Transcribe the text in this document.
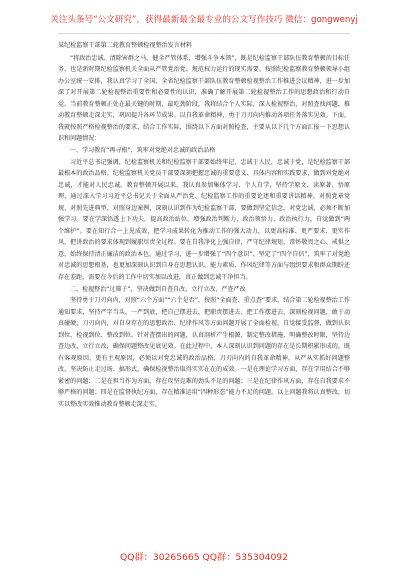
关注头条号“公文研究”，获得最新最全最专业的公文写作技巧 微信：gongwenyj
某纪检监察干部第二轮教育整顿检视整治发言材料

“将政治忠诚、清除害群之马、健全严管体系，增强斗争本领”，既是纪检监察干部队伍教育整顿的目标任务，也是新时期纪检监察机关全面从严管党治党、规范权力运行的现实需要。按照纪检监察教育整顿领导小组办公室统一安排，我认真学习了全国、全省纪检监察干部队伍教育整顿检视整治工作推进会议精神，进一步加深了对开展第二轮检视整治重要性和必要性的认识，准确了解开展第二轮检视整治工作的思想政治和行动自觉。当前教育整顿正处在最关键的时期，最吃劲阶段，我将结合个人实际，深入检视整治，对照查找问题，推动教育整顿走深走实，巩固提升各环节成果。以自我革命精神，勇于刀刃向内推动各项任务落实见效。下面，我就按照严格检视整治的要求，结合工作实际，围绕以下方面对照检查，主要从以下几个方面汇报一下思想认识和问题情况：

一、学习教育“再寻根”，筑牢对党绝对忠诚的政治品格

习近平总书记强调，纪检监察机关和纪检监察干部要始终牢记，忠诚于人民，忠诚于党，是纪检监察干部最根本的政治品格。纪检监察机关党员干部要深刻把握忠诚的重要意义、具体内容和实践要求，做到对党绝对忠诚，才能对人民忠诚。教育整顿开展以来，我认真参加集体学习、个人自学，坚持学原文、读原著、悟原理，通过深入学习习近平总书记关于全面从严治党、纪检监察工作的重要论述和重要讲话精神，对照党章党规、对照先进典型、对照身边案例，深刻认识到作为纪检监察干部，要做到坚定信念、对党忠诚，必须不断加强学习。要在学深悟透上下功夫，提高政治站位，增强政治判断力、政治领悟力、政治执行力，自觉做到“两个维护”。要在知行合一上见成效，把学习成果转化为推动工作的强大动力，以更高标准、更严要求、更实作风，把讲政治的要求体现到履职尽责全过程。要在自我净化上强自律，严守纪律规矩，常怀敬畏之心、戒惧之意，始终保持清正廉洁的政治本色。通过学习，进一步增强了“四个意识”、坚定了“四个自信”，筑牢了对党绝对忠诚的思想根基，也更加深刻认识到自身在思想认识、能力素质、作风纪律等方面与组织要求和群众期盼还存在差距，需要在今后的工作中切实加以改进，真正做到忠诚干净担当。

二、检视整治“过筛子”，坚决做到自查自改、立行立改、严查严改

坚持勇于刀刃向内，对照“六个方面”“六个是否”，按照“全面查、重点查”要求，结合第二轮检视整治工作通知要求，坚持严字当头、一严到底，把自己摆进去、把职责摆进去、把工作摆进去，深刻检视问题，敢于动真碰硬，刀刃向内，对自身存在的思想政治、纪律作风等方面问题开展了全面检视，自觉接受监督，做到认识到位、检视到位、整改到位。针对查摆出的问题，认真剖析产生根源，制定整改措施，明确整改时限，坚持边查边改、立行立改，确保问题整改见底见效。在此过程中，本人深刻认识到问题的存在是长期积累形成的，既有客观原因，更有主观原因，必须以对党忠诚的政治品格、刀刃向内的自我革命精神，从严从实抓好问题整改，坚决防止走过场、搞形式，确保检视整治取得实实在在的成效。一是在理论学习方面，存在学用结合不够紧密的问题；二是在担当作为方面，存在攻坚克难的劲头不足的问题；三是在纪律作风方面，存在自我要求不够严格的问题；四是在监督执纪方面，存在精准运用“四种形态”能力不足的问题，以上问题我将认真整改，切实以整改实效推动教育整顿走深走实。

QQ群：30265665 QQ群：535304092
